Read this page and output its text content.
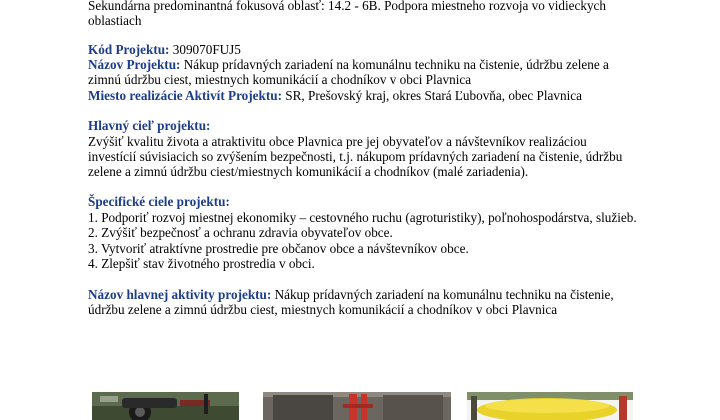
Sekundárna predominantná fokusová oblasť: 14.2 - 6B. Podpora miestneho rozvoja vo vidieckych
oblastiach
Kód Projektu: 309070FUJ5
Názov Projektu: Nákup prídavných zariadení na komunálnu techniku na čistenie, údržbu zelene a
zimnú údržbu ciest, miestnych komunikácií a chodníkov v obci Plavnica
Miesto realizácie Aktivít Projektu: SR, Prešovský kraj, okres Stará Ľubovňa, obec Plavnica
Hlavný cieľ projektu:
Zvýšiť kvalitu života a atraktivitu obce Plavnica pre jej obyvateľov a návštevníkov realizáciou
investícií súvisiacich so zvýšením bezpečnosti, t.j. nákupom prídavných zariadení na čistenie, údržbu
zelene a zimnú údržbu ciest/miestnych komunikácií a chodníkov (malé zariadenia).
Špecifické ciele projektu:
1. Podporiť rozvoj miestnej ekonomiky – cestovného ruchu (agroturistiky), poľnohospodárstva, služieb.
2. Zvýšiť bezpečnosť a ochranu zdravia obyvateľov obce.
3. Vytvoriť atraktívne prostredie pre občanov obce a návštevníkov obce.
4. Zlepšiť stav životného prostredia v obci.
Názov hlavnej aktivity projektu: Nákup prídavných zariadení na komunálnu techniku na čistenie,
údržbu zelene a zimnú údržbu ciest, miestnych komunikácií a chodníkov v obci Plavnica
